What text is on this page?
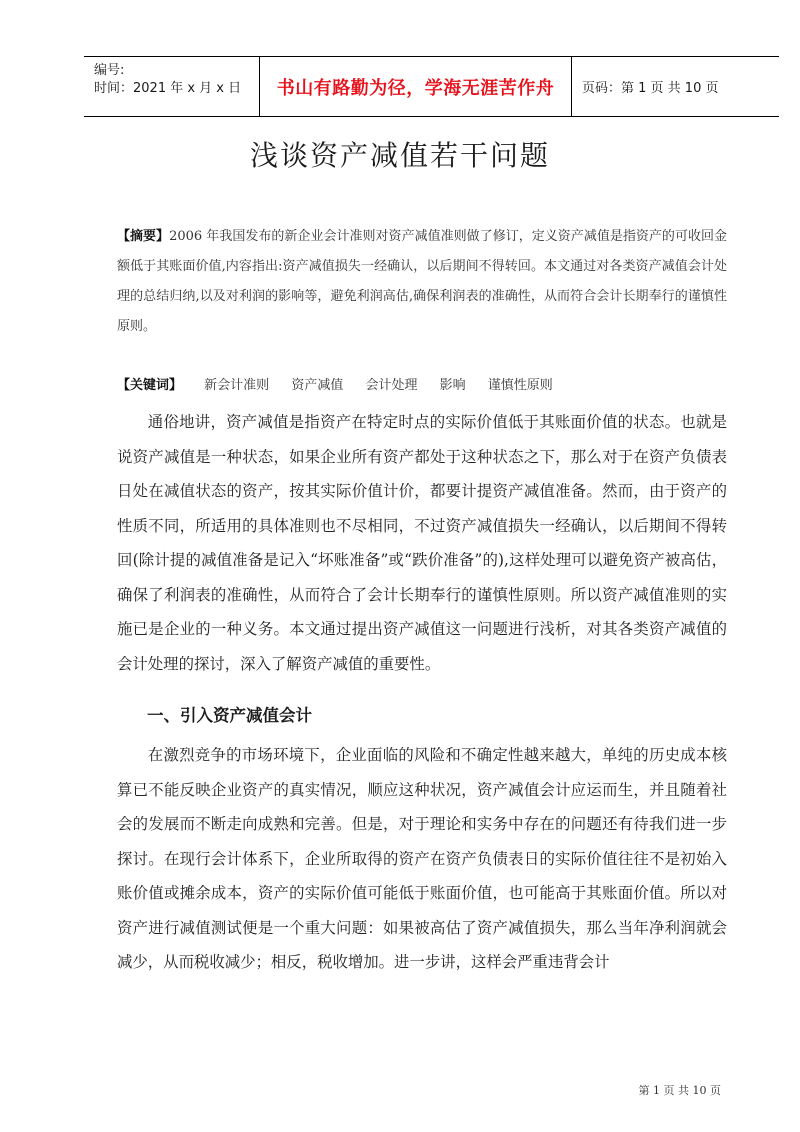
编号:
时间：2021 年 x 月 x 日	书山有路勤为径，学海无涯苦作舟	页码：第 1 页 共 10 页
浅谈资产减值若干问题
【摘要】2006 年我国发布的新企业会计准则对资产减值准则做了修订，定义资产减值是指资产的可收回金额低于其账面价值,内容指出:资产减值损失一经确认，以后期间不得转回。本文通过对各类资产减值会计处理的总结归纳,以及对利润的影响等，避免利润高估,确保利润表的准确性，从而符合会计长期奉行的谨慎性原则。
【关键词】 新会计准则 资产减值 会计处理 影响 谨慎性原则

通俗地讲，资产减值是指资产在特定时点的实际价值低于其账面价值的状态。也就是说资产减值是一种状态，如果企业所有资产都处于这种状态之下，那么对于在资产负债表日处在减值状态的资产，按其实际价值计价，都要计提资产减值准备。然而，由于资产的性质不同，所适用的具体准则也不尽相同，不过资产减值损失一经确认，以后期间不得转回(除计提的减值准备是记入“坏账准备”或“跌价准备”的),这样处理可以避免资产被高估，确保了利润表的准确性，从而符合了会计长期奉行的谨慎性原则。所以资产减值准则的实施已是企业的一种义务。本文通过提出资产减值这一问题进行浅析，对其各类资产减值的会计处理的探讨，深入了解资产减值的重要性。

一、引入资产减值会计

在激烈竞争的市场环境下，企业面临的风险和不确定性越来越大，单纯的历史成本核算已不能反映企业资产的真实情况，顺应这种状况，资产减值会计应运而生，并且随着社会的发展而不断走向成熟和完善。但是，对于理论和实务中存在的问题还有待我们进一步探讨。在现行会计体系下，企业所取得的资产在资产负债表日的实际价值往往不是初始入账价值或摊余成本，资产的实际价值可能低于账面价值，也可能高于其账面价值。所以对资产进行减值测试便是一个重大问题：如果被高估了资产减值损失，那么当年净利润就会减少，从而税收减少；相反，税收增加。进一步讲，这样会严重违背会计

第 1 页 共 10 页
